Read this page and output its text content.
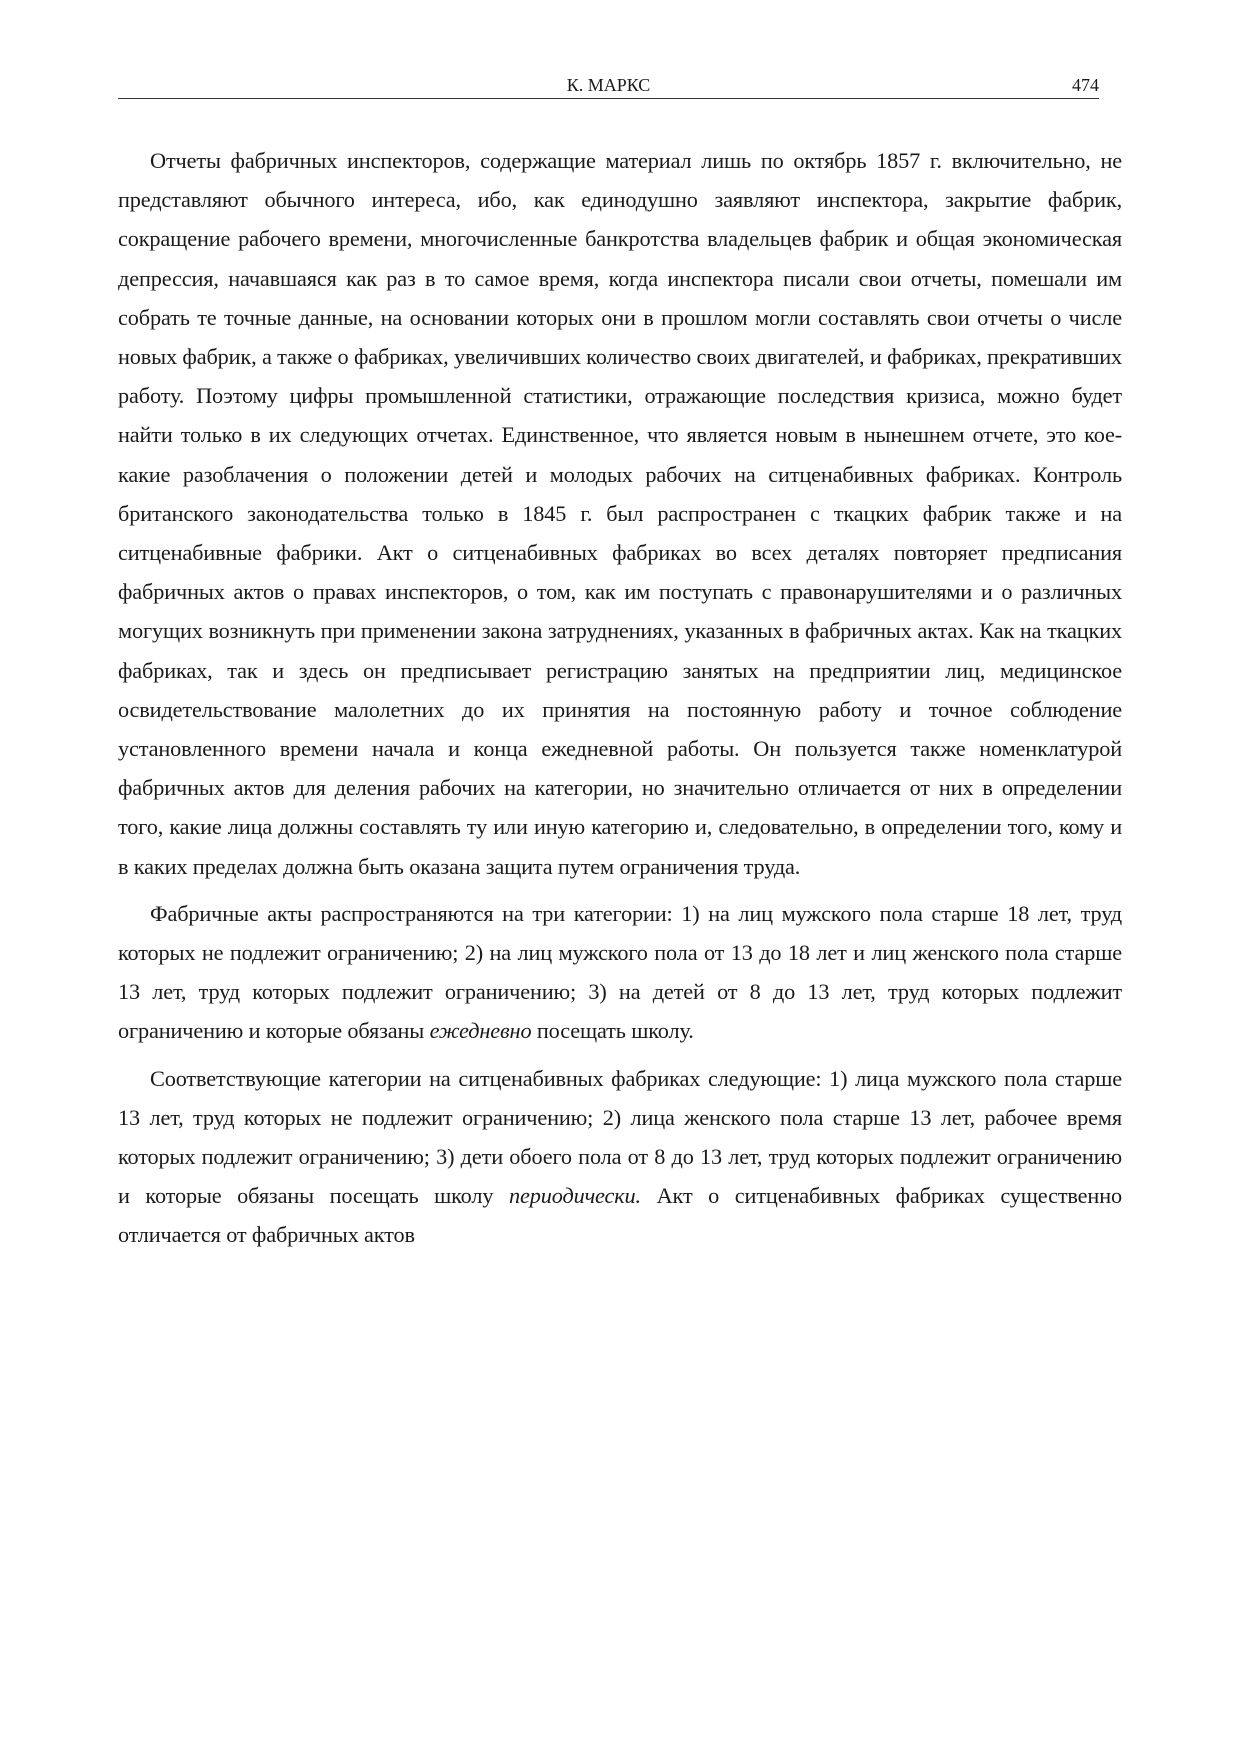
К. МАРКС	474

Отчеты фабричных инспекторов, содержащие материал лишь по октябрь 1857 г. включительно, не представляют обычного интереса, ибо, как единодушно заявляют инспектора, закрытие фабрик, сокращение рабочего времени, многочисленные банкротства владельцев фабрик и общая экономическая депрессия, начавшаяся как раз в то самое время, когда инспектора писали свои отчеты, помешали им собрать те точные данные, на основании которых они в прошлом могли составлять свои отчеты о числе новых фабрик, а также о фабриках, увеличивших количество своих двигателей, и фабриках, прекративших работу. Поэтому цифры промышленной статистики, отражающие последствия кризиса, можно будет найти только в их следующих отчетах. Единственное, что является новым в нынешнем отчете, это кое-какие разоблачения о положении детей и молодых рабочих на ситценабивных фабриках. Контроль британского законодательства только в 1845 г. был распространен с ткацких фабрик также и на ситценабивные фабрики. Акт о ситценабивных фабриках во всех деталях повторяет предписания фабричных актов о правах инспекторов, о том, как им поступать с правонарушителями и о различных могущих возникнуть при применении закона затруднениях, указанных в фабричных актах. Как на ткацких фабриках, так и здесь он предписывает регистрацию занятых на предприятии лиц, медицинское освидетельствование малолетних до их принятия на постоянную работу и точное соблюдение установленного времени начала и конца ежедневной работы. Он пользуется также номенклатурой фабричных актов для деления рабочих на категории, но значительно отличается от них в определении того, какие лица должны составлять ту или иную категорию и, следовательно, в определении того, кому и в каких пределах должна быть оказана защита путем ограничения труда.

Фабричные акты распространяются на три категории: 1) на лиц мужского пола старше 18 лет, труд которых не подлежит ограничению; 2) на лиц мужского пола от 13 до 18 лет и лиц женского пола старше 13 лет, труд которых подлежит ограничению; 3) на детей от 8 до 13 лет, труд которых подлежит ограничению и которые обязаны ежедневно посещать школу.

Соответствующие категории на ситценабивных фабриках следующие: 1) лица мужского пола старше 13 лет, труд которых не подлежит ограничению; 2) лица женского пола старше 13 лет, рабочее время которых подлежит ограничению; 3) дети обоего пола от 8 до 13 лет, труд которых подлежит ограничению и которые обязаны посещать школу периодически. Акт о ситценабивных фабриках существенно отличается от фабричных актов
